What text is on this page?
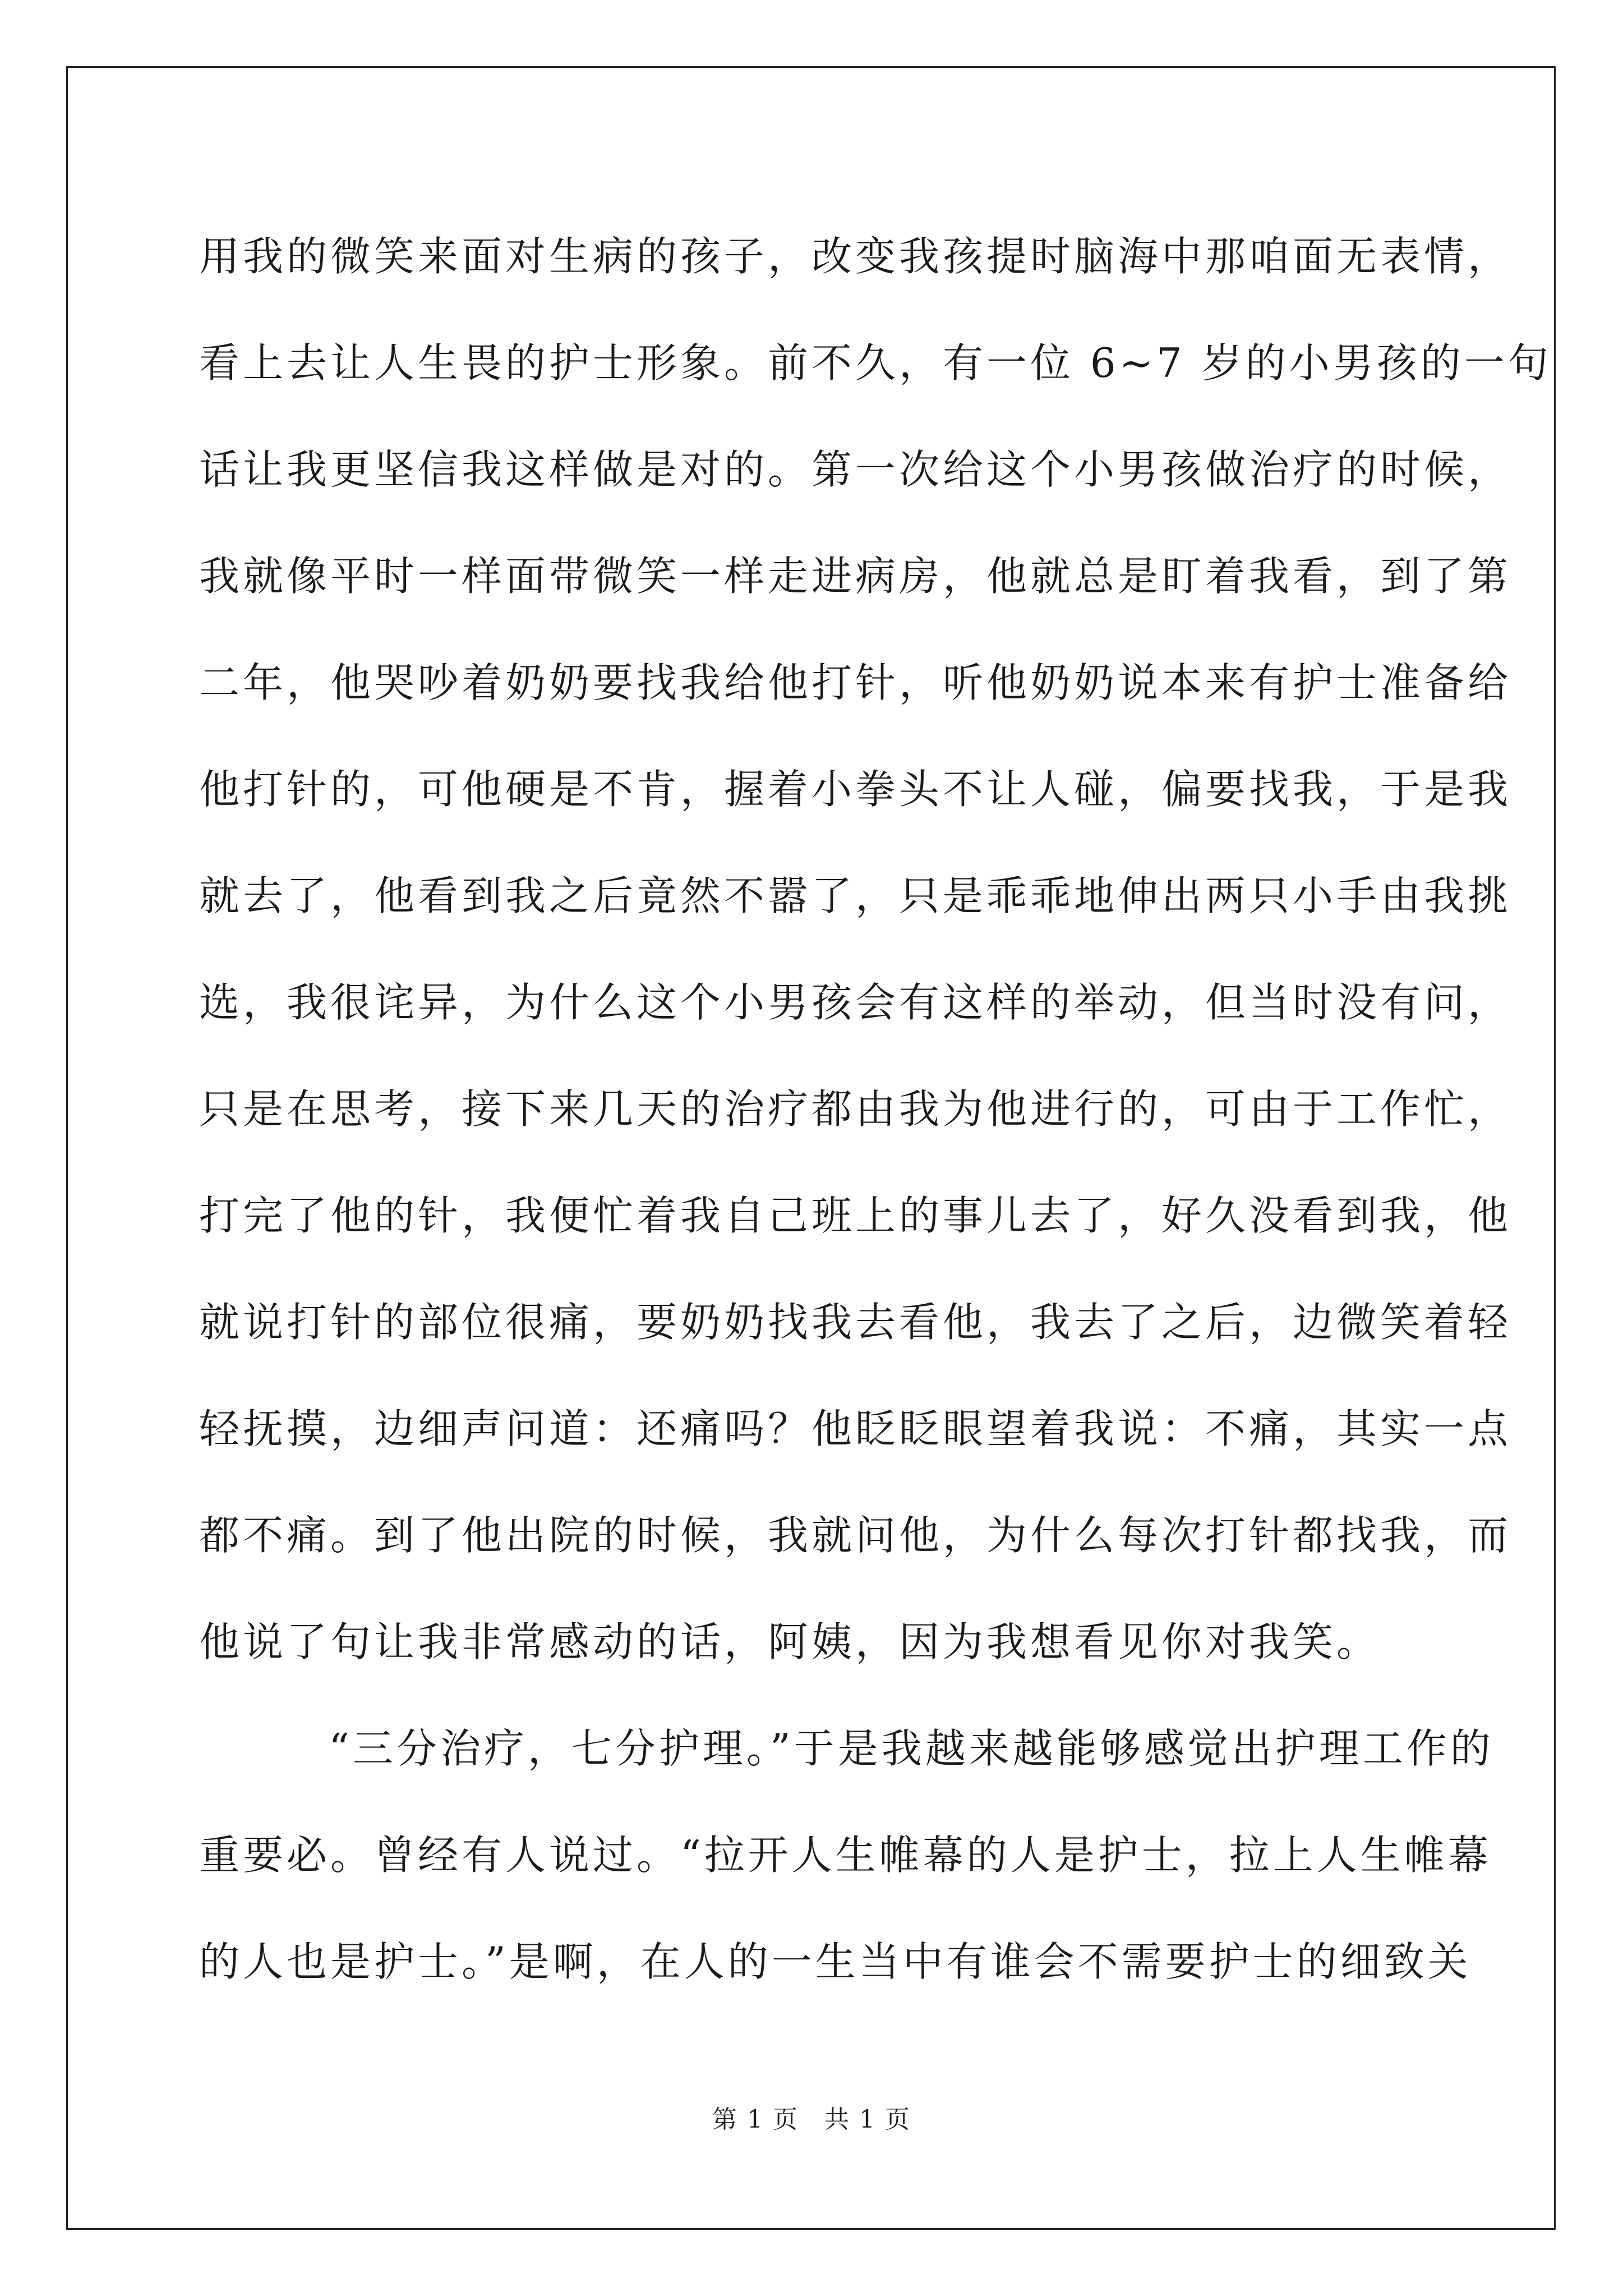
用我的微笑来面对生病的孩子，改变我孩提时脑海中那咱面无表情，
看上去让人生畏的护士形象。前不久，有一位 6~7 岁的小男孩的一句
话让我更坚信我这样做是对的。第一次给这个小男孩做治疗的时候，
我就像平时一样面带微笑一样走进病房，他就总是盯着我看，到了第
二年，他哭吵着奶奶要找我给他打针，听他奶奶说本来有护士准备给
他打针的，可他硬是不肯，握着小拳头不让人碰，偏要找我，于是我
就去了，他看到我之后竟然不嚣了，只是乖乖地伸出两只小手由我挑
选，我很诧异，为什么这个小男孩会有这样的举动，但当时没有问，
只是在思考，接下来几天的治疗都由我为他进行的，可由于工作忙，
打完了他的针，我便忙着我自己班上的事儿去了，好久没看到我，他
就说打针的部位很痛，要奶奶找我去看他，我去了之后，边微笑着轻
轻抚摸，边细声问道：还痛吗？他眨眨眼望着我说：不痛，其实一点
都不痛。到了他出院的时候，我就问他，为什么每次打针都找我，而
他说了句让我非常感动的话，阿姨，因为我想看见你对我笑。
“三分治疗，七分护理。”于是我越来越能够感觉出护理工作的
重要必。曾经有人说过。“拉开人生帷幕的人是护士，拉上人生帷幕
的人也是护士。”是啊，在人的一生当中有谁会不需要护士的细致关
第 1 页　共 1 页
